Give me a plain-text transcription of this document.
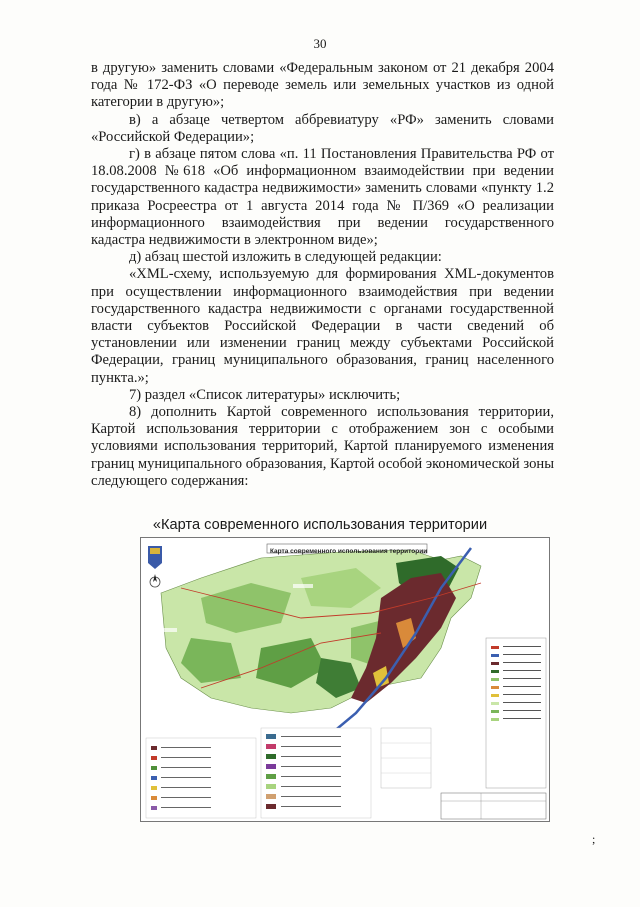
30

в другую» заменить словами «Федеральным законом от 21 декабря 2004 года № 172-ФЗ «О переводе земель или земельных участков из одной категории в другую»;

в) а абзаце четвертом аббревиатуру «РФ» заменить словами «Российской Федерации»;

г) в абзаце пятом слова «п. 11 Постановления Правительства РФ от 18.08.2008 №618 «Об информационном взаимодействии при ведении государственного кадастра недвижимости» заменить словами «пункту 1.2 приказа Росреестра от 1 августа 2014 года № П/369 «О реализации информационного взаимодействия при ведении государственного кадастра недвижимости в электронном виде»;

д) абзац шестой изложить в следующей редакции:

«XML-схему, используемую для формирования XML-документов при осуществлении информационного взаимодействия при ведении государственного кадастра недвижимости с органами государственной власти субъектов Российской Федерации в части сведений об установлении или изменении границ между субъектами Российской Федерации, границ муниципального образования, границ населенного пункта.»;

7) раздел «Список литературы» исключить;

8) дополнить Картой современного использования территории, Картой использования территории с отображением зон с особыми условиями использования территорий, Картой планируемого изменения границ муниципального образования, Картой особой экономической зоны следующего содержания:

«Карта современного использования территории
Карта современного использования территории
;
